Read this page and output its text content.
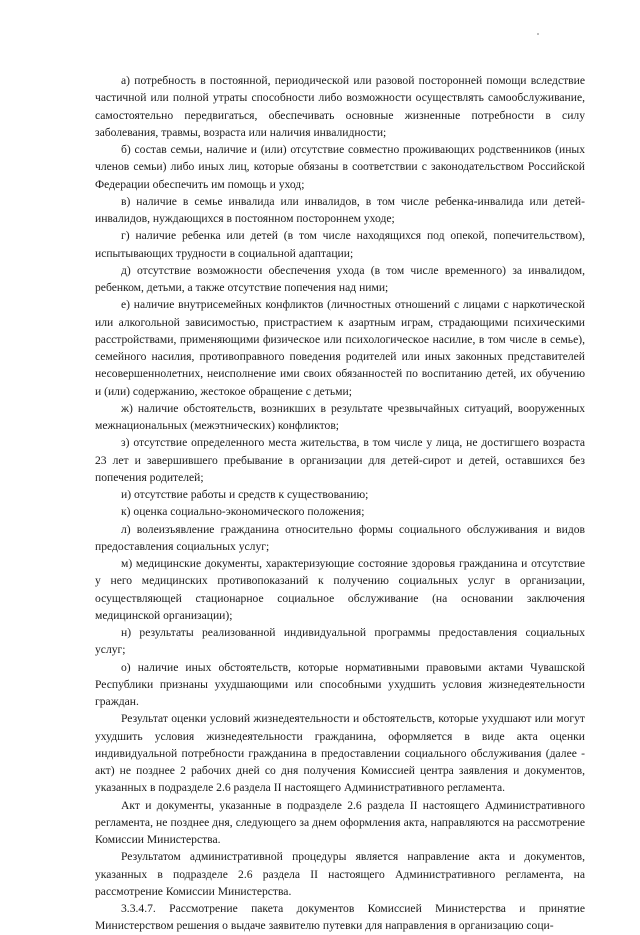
а) потребность в постоянной, периодической или разовой посторонней помощи вследствие частичной или полной утраты способности либо возможности осуществлять самообслуживание, самостоятельно передвигаться, обеспечивать основные жизненные потребности в силу заболевания, травмы, возраста или наличия инвалидности;

б) состав семьи, наличие и (или) отсутствие совместно проживающих родственников (иных членов семьи) либо иных лиц, которые обязаны в соответствии с законодательством Российской Федерации обеспечить им помощь и уход;

в) наличие в семье инвалида или инвалидов, в том числе ребенка-инвалида или детей-инвалидов, нуждающихся в постоянном постороннем уходе;

г) наличие ребенка или детей (в том числе находящихся под опекой, попечительством), испытывающих трудности в социальной адаптации;

д) отсутствие возможности обеспечения ухода (в том числе временного) за инвалидом, ребенком, детьми, а также отсутствие попечения над ними;

е) наличие внутрисемейных конфликтов (личностных отношений с лицами с наркотической или алкогольной зависимостью, пристрастием к азартным играм, страдающими психическими расстройствами, применяющими физическое или психологическое насилие, в том числе в семье), семейного насилия, противоправного поведения родителей или иных законных представителей несовершеннолетних, неисполнение ими своих обязанностей по воспитанию детей, их обучению и (или) содержанию, жестокое обращение с детьми;

ж) наличие обстоятельств, возникших в результате чрезвычайных ситуаций, вооруженных межнациональных (межэтнических) конфликтов;

з) отсутствие определенного места жительства, в том числе у лица, не достигшего возраста 23 лет и завершившего пребывание в организации для детей-сирот и детей, оставшихся без попечения родителей;

и) отсутствие работы и средств к существованию;

к) оценка социально-экономического положения;

л) волеизъявление гражданина относительно формы социального обслуживания и видов предоставления социальных услуг;

м) медицинские документы, характеризующие состояние здоровья гражданина и отсутствие у него медицинских противопоказаний к получению социальных услуг в организации, осуществляющей стационарное социальное обслуживание (на основании заключения медицинской организации);

н) результаты реализованной индивидуальной программы предоставления социальных услуг;

о) наличие иных обстоятельств, которые нормативными правовыми актами Чувашской Республики признаны ухудшающими или способными ухудшить условия жизнедеятельности граждан.

Результат оценки условий жизнедеятельности и обстоятельств, которые ухудшают или могут ухудшить условия жизнедеятельности гражданина, оформляется в виде акта оценки индивидуальной потребности гражданина в предоставлении социального обслуживания (далее - акт) не позднее 2 рабочих дней со дня получения Комиссией центра заявления и документов, указанных в подразделе 2.6 раздела II настоящего Административного регламента.

Акт и документы, указанные в подразделе 2.6 раздела II настоящего Административного регламента, не позднее дня, следующего за днем оформления акта, направляются на рассмотрение Комиссии Министерства.

Результатом административной процедуры является направление акта и документов, указанных в подразделе 2.6 раздела II настоящего Административного регламента, на рассмотрение Комиссии Министерства.

3.3.4.7. Рассмотрение пакета документов Комиссией Министерства и принятие Министерством решения о выдаче заявителю путевки для направления в организацию соци-
